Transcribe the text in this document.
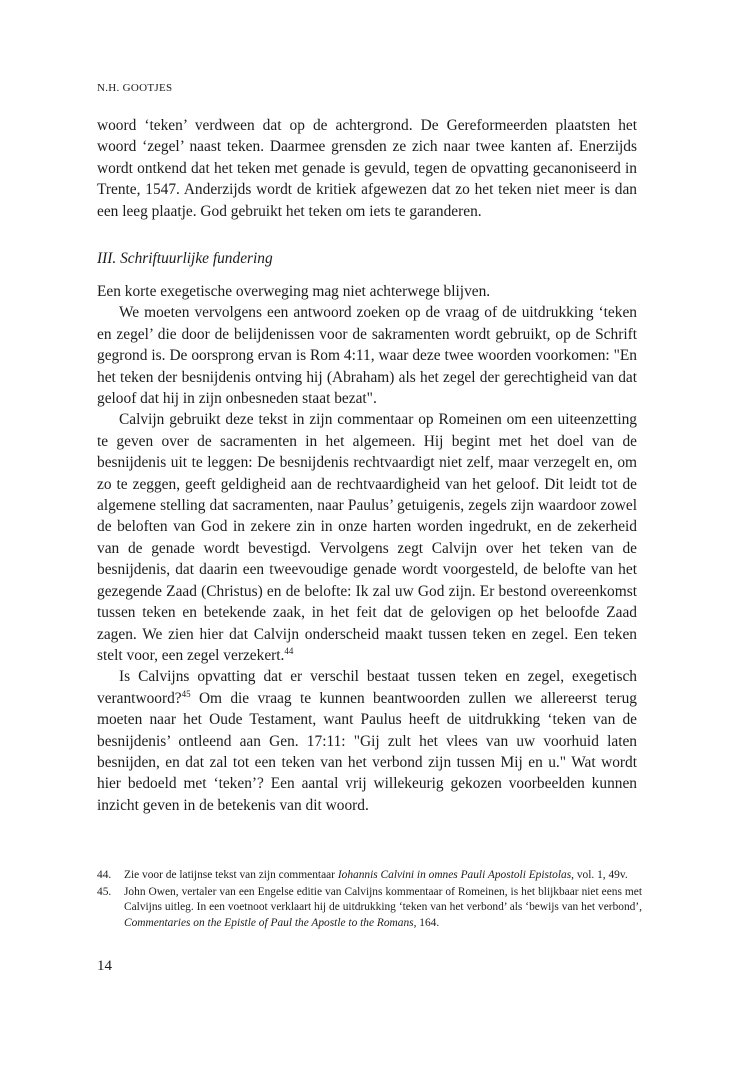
N.H. GOOTJES

woord ‘teken’ verdween dat op de achtergrond. De Gereformeerden plaatsten het woord ‘zegel’ naast teken. Daarmee grensden ze zich naar twee kanten af. Enerzijds wordt ontkend dat het teken met genade is gevuld, tegen de opvatting gecanoniseerd in Trente, 1547. Anderzijds wordt de kritiek afgewezen dat zo het teken niet meer is dan een leeg plaatje. God gebruikt het teken om iets te garanderen.

III. Schriftuurlijke fundering

Een korte exegetische overweging mag niet achterwege blijven.

We moeten vervolgens een antwoord zoeken op de vraag of de uitdrukking ‘teken en zegel’ die door de belijdenissen voor de sakramenten wordt gebruikt, op de Schrift gegrond is. De oorsprong ervan is Rom 4:11, waar deze twee woorden voorkomen: "En het teken der besnijdenis ontving hij (Abraham) als het zegel der gerechtigheid van dat geloof dat hij in zijn onbesneden staat bezat".

Calvijn gebruikt deze tekst in zijn commentaar op Romeinen om een uiteenzetting te geven over de sacramenten in het algemeen. Hij begint met het doel van de besnijdenis uit te leggen: De besnijdenis rechtvaardigt niet zelf, maar verzegelt en, om zo te zeggen, geeft geldigheid aan de rechtvaardigheid van het geloof. Dit leidt tot de algemene stelling dat sacramenten, naar Paulus’ getuigenis, zegels zijn waardoor zowel de beloften van God in zekere zin in onze harten worden ingedrukt, en de zekerheid van de genade wordt bevestigd. Vervolgens zegt Calvijn over het teken van de besnijdenis, dat daarin een tweevoudige genade wordt voorgesteld, de belofte van het gezegende Zaad (Christus) en de belofte: Ik zal uw God zijn. Er bestond overeenkomst tussen teken en betekende zaak, in het feit dat de gelovigen op het beloofde Zaad zagen. We zien hier dat Calvijn onderscheid maakt tussen teken en zegel. Een teken stelt voor, een zegel verzekert.$^{44}$

Is Calvijns opvatting dat er verschil bestaat tussen teken en zegel, exegetisch verantwoord?$^{45}$ Om die vraag te kunnen beantwoorden zullen we allereerst terug moeten naar het Oude Testament, want Paulus heeft de uitdrukking ‘teken van de besnijdenis’ ontleend aan Gen. 17:11: "Gij zult het vlees van uw voorhuid laten besnijden, en dat zal tot een teken van het verbond zijn tussen Mij en u." Wat wordt hier bedoeld met ‘teken’? Een aantal vrij willekeurig gekozen voorbeelden kunnen inzicht geven in de betekenis van dit woord.

44.	Zie voor de latijnse tekst van zijn commentaar Iohannis Calvini in omnes Pauli Apostoli Epistolas, vol. 1, 49v.
45.	John Owen, vertaler van een Engelse editie van Calvijns kommentaar of Romeinen, is het blijkbaar niet eens met Calvijns uitleg. In een voetnoot verklaart hij de uitdrukking ‘teken van het verbond’ als ‘bewijs van het verbond’, Commentaries on the Epistle of Paul the Apostle to the Romans, 164.
14
